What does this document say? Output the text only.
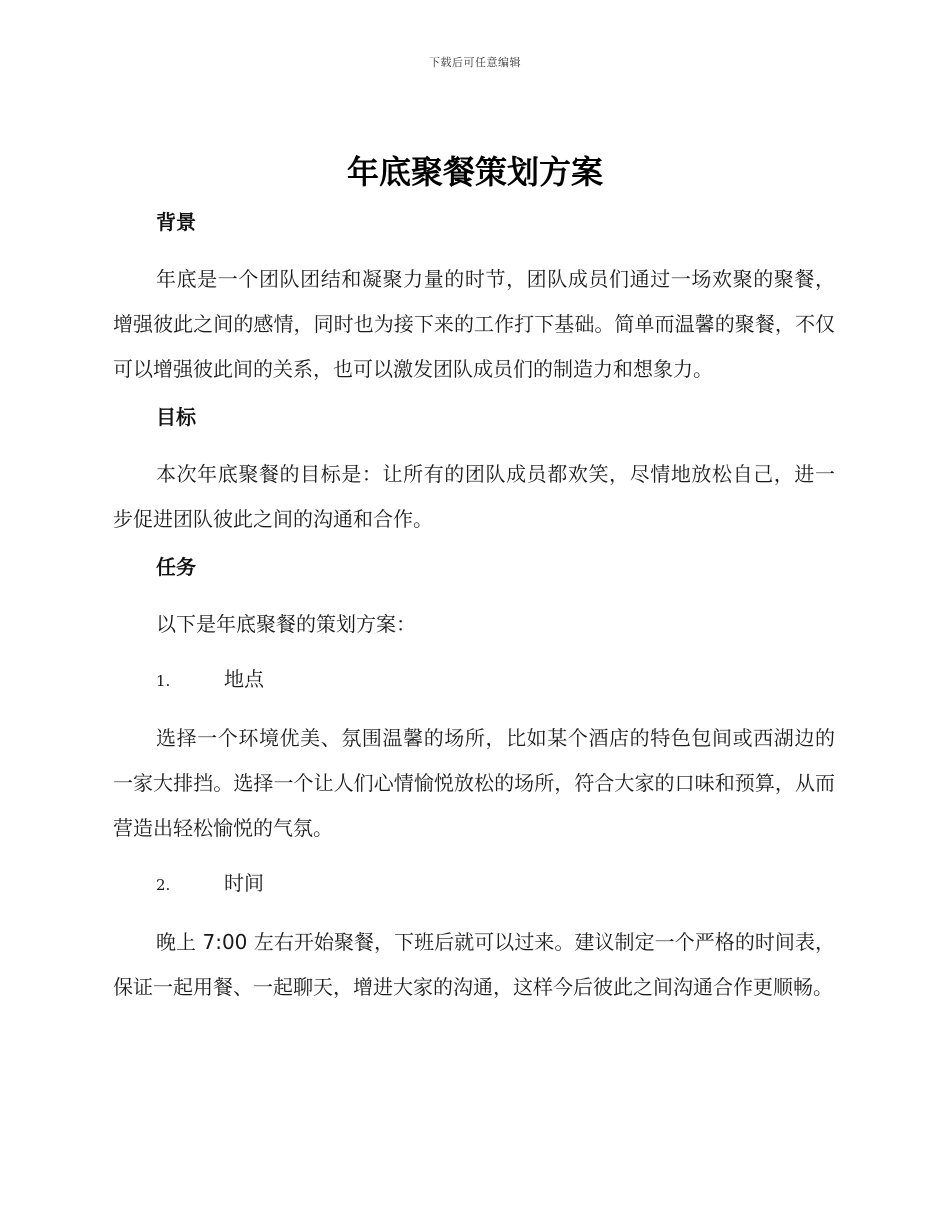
下载后可任意编辑
年底聚餐策划方案
背景

年底是一个团队团结和凝聚力量的时节，团队成员们通过一场欢聚的聚餐，增强彼此之间的感情，同时也为接下来的工作打下基础。简单而温馨的聚餐，不仅可以增强彼此间的关系，也可以激发团队成员们的制造力和想象力。

目标

本次年底聚餐的目标是：让所有的团队成员都欢笑，尽情地放松自己，进一步促进团队彼此之间的沟通和合作。

任务

以下是年底聚餐的策划方案：

1.	地点

选择一个环境优美、氛围温馨的场所，比如某个酒店的特色包间或西湖边的一家大排挡。选择一个让人们心情愉悦放松的场所，符合大家的口味和预算，从而营造出轻松愉悦的气氛。

2.	时间

晚上 7:00 左右开始聚餐，下班后就可以过来。建议制定一个严格的时间表，保证一起用餐、一起聊天，增进大家的沟通，这样今后彼此之间沟通合作更顺畅。
